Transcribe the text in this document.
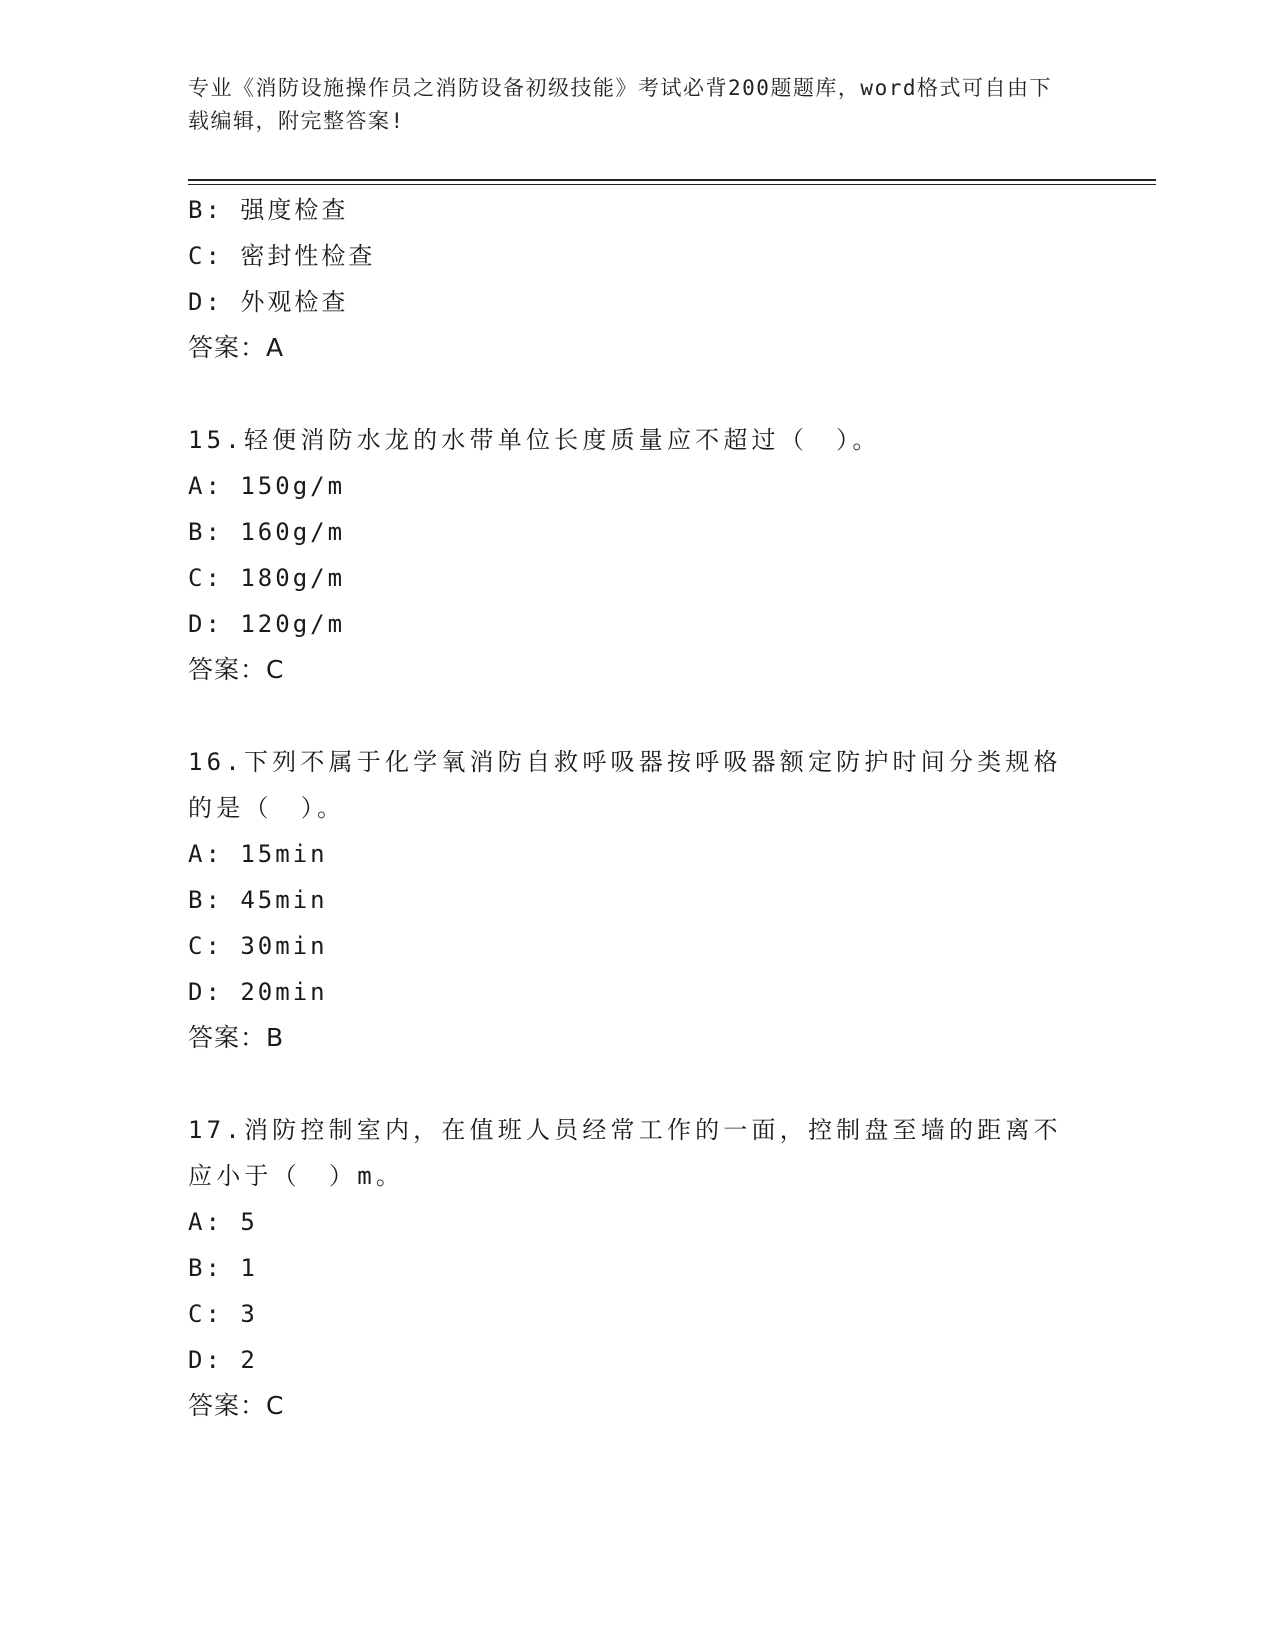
专业《消防设施操作员之消防设备初级技能》考试必背200题题库，word格式可自由下载编辑，附完整答案!
B: 强度检查
C: 密封性检查
D: 外观检查
答案：A
15.轻便消防水龙的水带单位长度质量应不超过（　）。
A: 150g/m
B: 160g/m
C: 180g/m
D: 120g/m
答案：C
16.下列不属于化学氧消防自救呼吸器按呼吸器额定防护时间分类规格的是（　）。
A: 15min
B: 45min
C: 30min
D: 20min
答案：B
17.消防控制室内，在值班人员经常工作的一面，控制盘至墙的距离不应小于（　）m。
A: 5
B: 1
C: 3
D: 2
答案：C
